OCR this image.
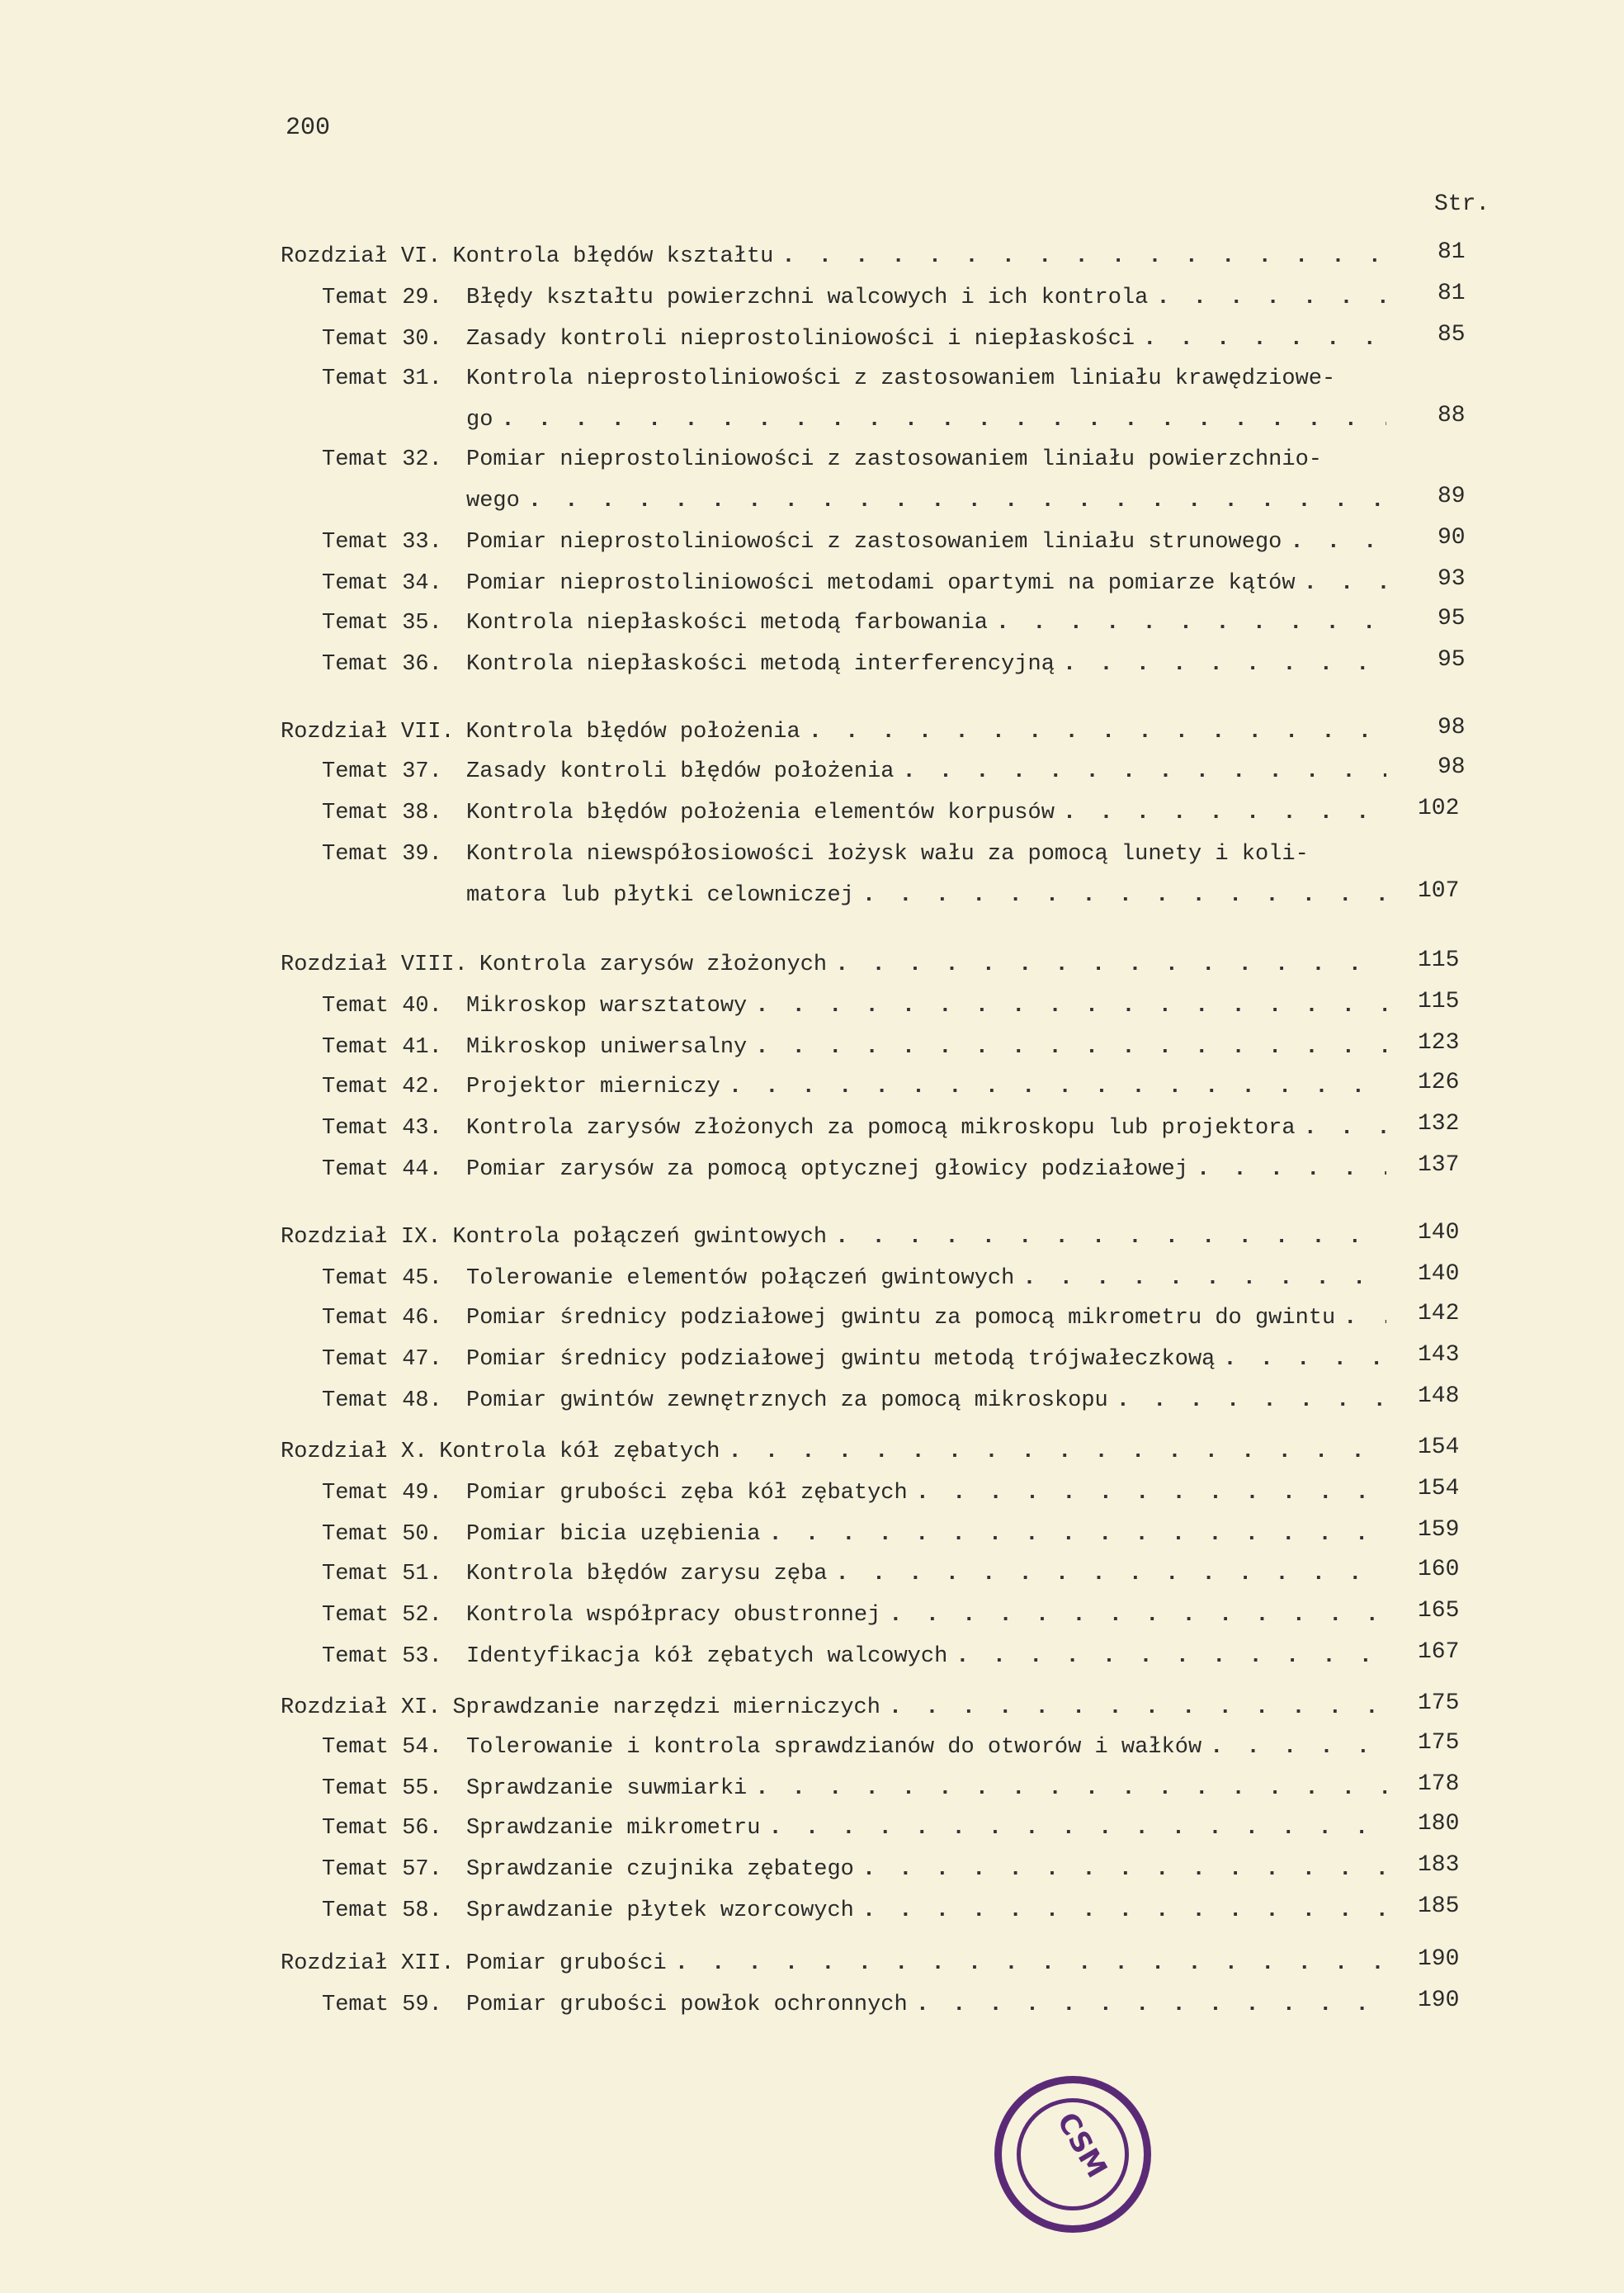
200
Str.
Rozdział VI. Kontrola błędów kształtu . . .	81
Temat 29.	Błędy kształtu powierzchni walcowych i ich kontrola . . .	81
Temat 30.	Zasady kontroli nieprostoliniowości i niepłaskości . . .	85
Temat 31.	Kontrola nieprostoliniowości z zastosowaniem liniału krawędziowe-
go . . .	88
Temat 32.	Pomiar nieprostoliniowości z zastosowaniem liniału powierzchnio-
wego . . .	89
Temat 33.	Pomiar nieprostoliniowości z zastosowaniem liniału strunowego . . .	90
Temat 34.	Pomiar nieprostoliniowości metodami opartymi na pomiarze kątów . . .	93
Temat 35.	Kontrola niepłaskości metodą farbowania . . .	95
Temat 36.	Kontrola niepłaskości metodą interferencyjną . . .	95
Rozdział VII. Kontrola błędów położenia . . .	98
Temat 37.	Zasady kontroli błędów położenia . . .	98
Temat 38.	Kontrola błędów położenia elementów korpusów . . .	102
Temat 39.	Kontrola niewspółosiowości łożysk wału za pomocą lunety i koli-
matora lub płytki celowniczej . . .	107
Rozdział VIII. Kontrola zarysów złożonych . . .	115
Temat 40.	Mikroskop warsztatowy . . .	115
Temat 41.	Mikroskop uniwersalny . . .	123
Temat 42.	Projektor mierniczy . . .	126
Temat 43.	Kontrola zarysów złożonych za pomocą mikroskopu lub projektora . . .	132
Temat 44.	Pomiar zarysów za pomocą optycznej głowicy podziałowej . . .	137
Rozdział IX. Kontrola połączeń gwintowych . . .	140
Temat 45.	Tolerowanie elementów połączeń gwintowych . . .	140
Temat 46.	Pomiar średnicy podziałowej gwintu za pomocą mikrometru do gwintu . . .	142
Temat 47.	Pomiar średnicy podziałowej gwintu metodą trójwałeczkową . . .	143
Temat 48.	Pomiar gwintów zewnętrznych za pomocą mikroskopu . . .	148
Rozdział X. Kontrola kół zębatych . . .	154
Temat 49.	Pomiar grubości zęba kół zębatych . . .	154
Temat 50.	Pomiar bicia uzębienia . . .	159
Temat 51.	Kontrola błędów zarysu zęba . . .	160
Temat 52.	Kontrola współpracy obustronnej . . .	165
Temat 53.	Identyfikacja kół zębatych walcowych . . .	167
Rozdział XI. Sprawdzanie narzędzi mierniczych . . .	175
Temat 54.	Tolerowanie i kontrola sprawdzianów do otworów i wałków . . .	175
Temat 55.	Sprawdzanie suwmiarki . . .	178
Temat 56.	Sprawdzanie mikrometru . . .	180
Temat 57.	Sprawdzanie czujnika zębatego . . .	183
Temat 58.	Sprawdzanie płytek wzorcowych . . .	185
Rozdział XII. Pomiar grubości . . .	190
Temat 59.	Pomiar grubości powłok ochronnych . . .	190
CSM
